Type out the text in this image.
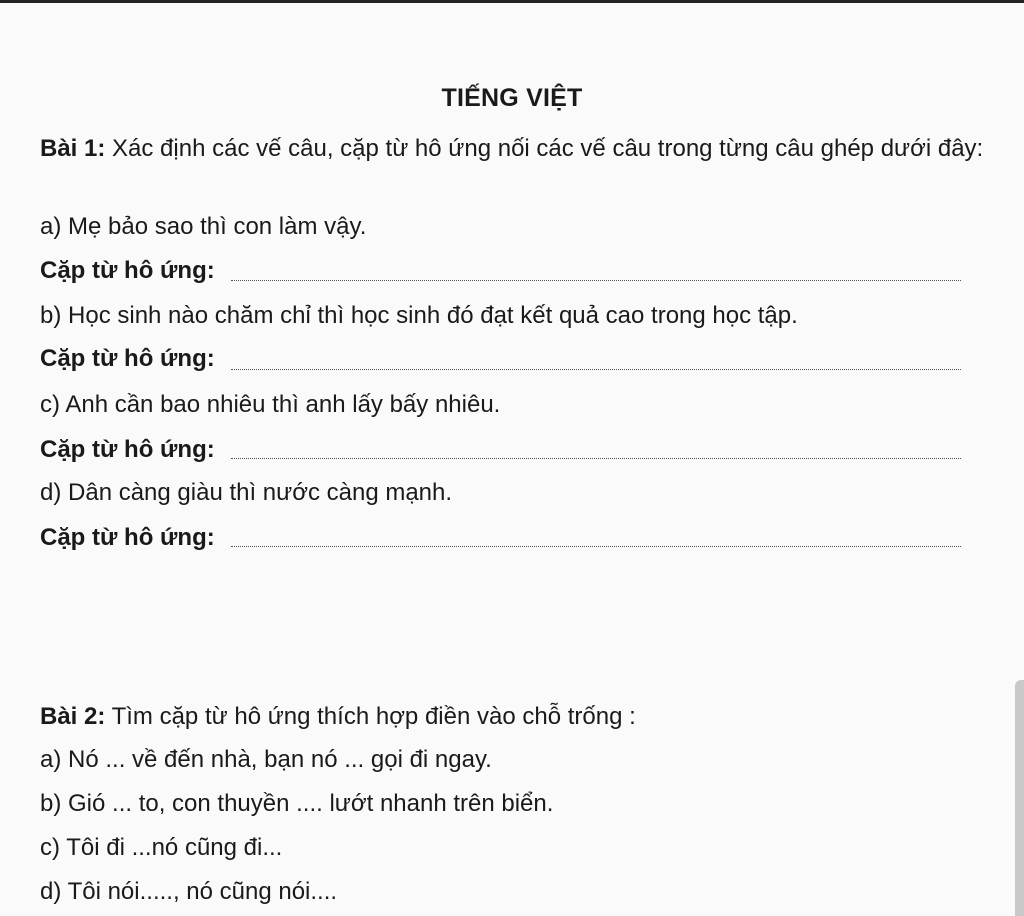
TIẾNG VIỆT
Bài 1: Xác định các vế câu, cặp từ hô ứng nối các vế câu trong từng câu ghép dưới đây:
a) Mẹ bảo sao thì con làm vậy.
Cặp từ hô ứng:
b) Học sinh nào chăm chỉ thì học sinh đó đạt kết quả cao trong học tập.
Cặp từ hô ứng:
c) Anh cần bao nhiêu thì anh lấy bấy nhiêu.
Cặp từ hô ứng:
d) Dân càng giàu thì nước càng mạnh.
Cặp từ hô ứng:
Bài 2: Tìm cặp từ hô ứng thích hợp điền vào chỗ trống :
a) Nó ... về đến nhà, bạn nó ... gọi đi ngay.
b) Gió ... to, con thuyền .... lướt nhanh trên biển.
c) Tôi đi ...nó cũng đi...
d) Tôi nói....., nó cũng nói....
